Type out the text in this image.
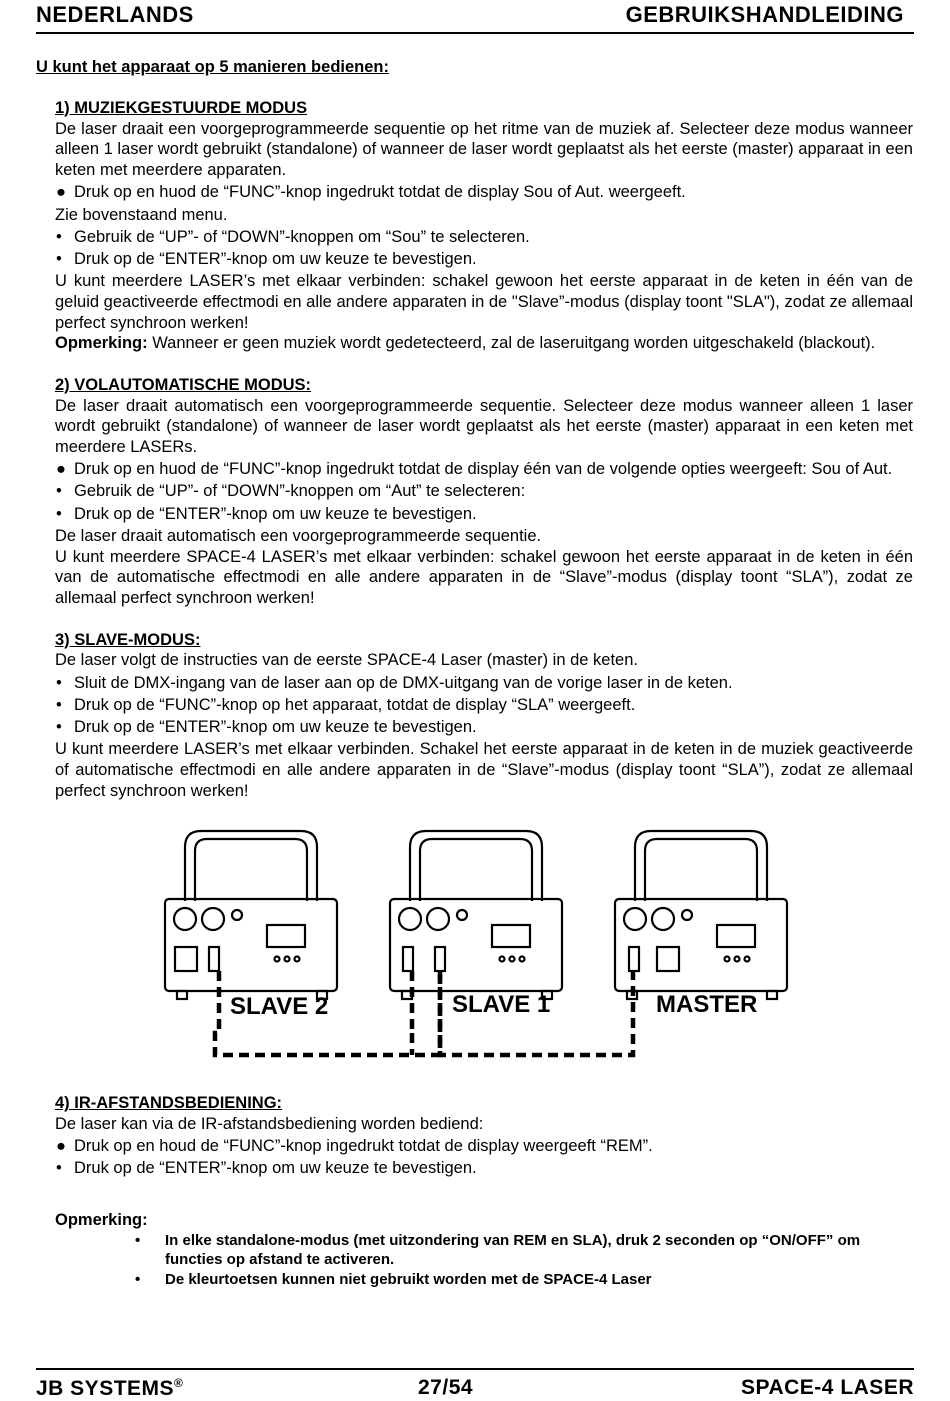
NEDERLANDS	GEBRUIKSHANDLEIDING
U kunt het apparaat op 5 manieren bedienen:
1) MUZIEKGESTUURDE MODUS

De laser draait een voorgeprogrammeerde sequentie op het ritme van de muziek af. Selecteer deze modus wanneer alleen 1 laser wordt gebruikt (standalone) of wanneer de laser wordt geplaatst als het eerste (master) apparaat in een keten met meerdere apparaten.

● Druk op en huod de “FUNC”-knop ingedrukt totdat de display Sou of Aut. weergeeft.

Zie bovenstaand menu.

• Gebruik de “UP”- of “DOWN”-knoppen om “Sou” te selecteren.
• Druk op de “ENTER”-knop om uw keuze te bevestigen.

U kunt meerdere LASER’s met elkaar verbinden: schakel gewoon het eerste apparaat in de keten in één van de geluid geactiveerde effectmodi en alle andere apparaten in de "Slave”-modus (display toont "SLA"), zodat ze allemaal perfect synchroon werken!

Opmerking: Wanneer er geen muziek wordt gedetecteerd, zal de laseruitgang worden uitgeschakeld (blackout).

2) VOLAUTOMATISCHE MODUS:

De laser draait automatisch een voorgeprogrammeerde sequentie. Selecteer deze modus wanneer alleen 1 laser wordt gebruikt (standalone) of wanneer de laser wordt geplaatst als het eerste (master) apparaat in een keten met meerdere LASERs.

● Druk op en huod de “FUNC”-knop ingedrukt totdat de display één van de volgende opties weergeeft: Sou of Aut.
• Gebruik de “UP”- of “DOWN”-knoppen om “Aut” te selecteren:
• Druk op de “ENTER”-knop om uw keuze te bevestigen.

De laser draait automatisch een voorgeprogrammeerde sequentie.

U kunt meerdere SPACE-4 LASER’s met elkaar verbinden: schakel gewoon het eerste apparaat in de keten in één van de automatische effectmodi en alle andere apparaten in de “Slave”-modus (display toont “SLA”), zodat ze allemaal perfect synchroon werken!

3) SLAVE-MODUS:

De laser volgt de instructies van de eerste SPACE-4 Laser (master) in de keten.

• Sluit de DMX-ingang van de laser aan op de DMX-uitgang van de vorige laser in de keten.
• Druk op de “FUNC”-knop op het apparaat, totdat de display “SLA” weergeeft.
• Druk op de “ENTER”-knop om uw keuze te bevestigen.

U kunt meerdere LASER’s met elkaar verbinden. Schakel het eerste apparaat in de keten in de muziek geactiveerde of automatische effectmodi en alle andere apparaten in de “Slave”-modus (display toont “SLA”), zodat ze allemaal perfect synchroon werken!

SLAVE 2	SLAVE 1	MASTER
4) IR-AFSTANDSBEDIENING:

De laser kan via de IR-afstandsbediening worden bediend:

● Druk op en houd de “FUNC”-knop ingedrukt totdat de display weergeeft “REM”.
• Druk op de “ENTER”-knop om uw keuze te bevestigen.
Opmerking:
• In elke standalone-modus (met uitzondering van REM en SLA), druk 2 seconden op “ON/OFF” om functies op afstand te activeren.
• De kleurtoetsen kunnen niet gebruikt worden met de SPACE-4 Laser
JB SYSTEMS®	27/54	SPACE-4 LASER
